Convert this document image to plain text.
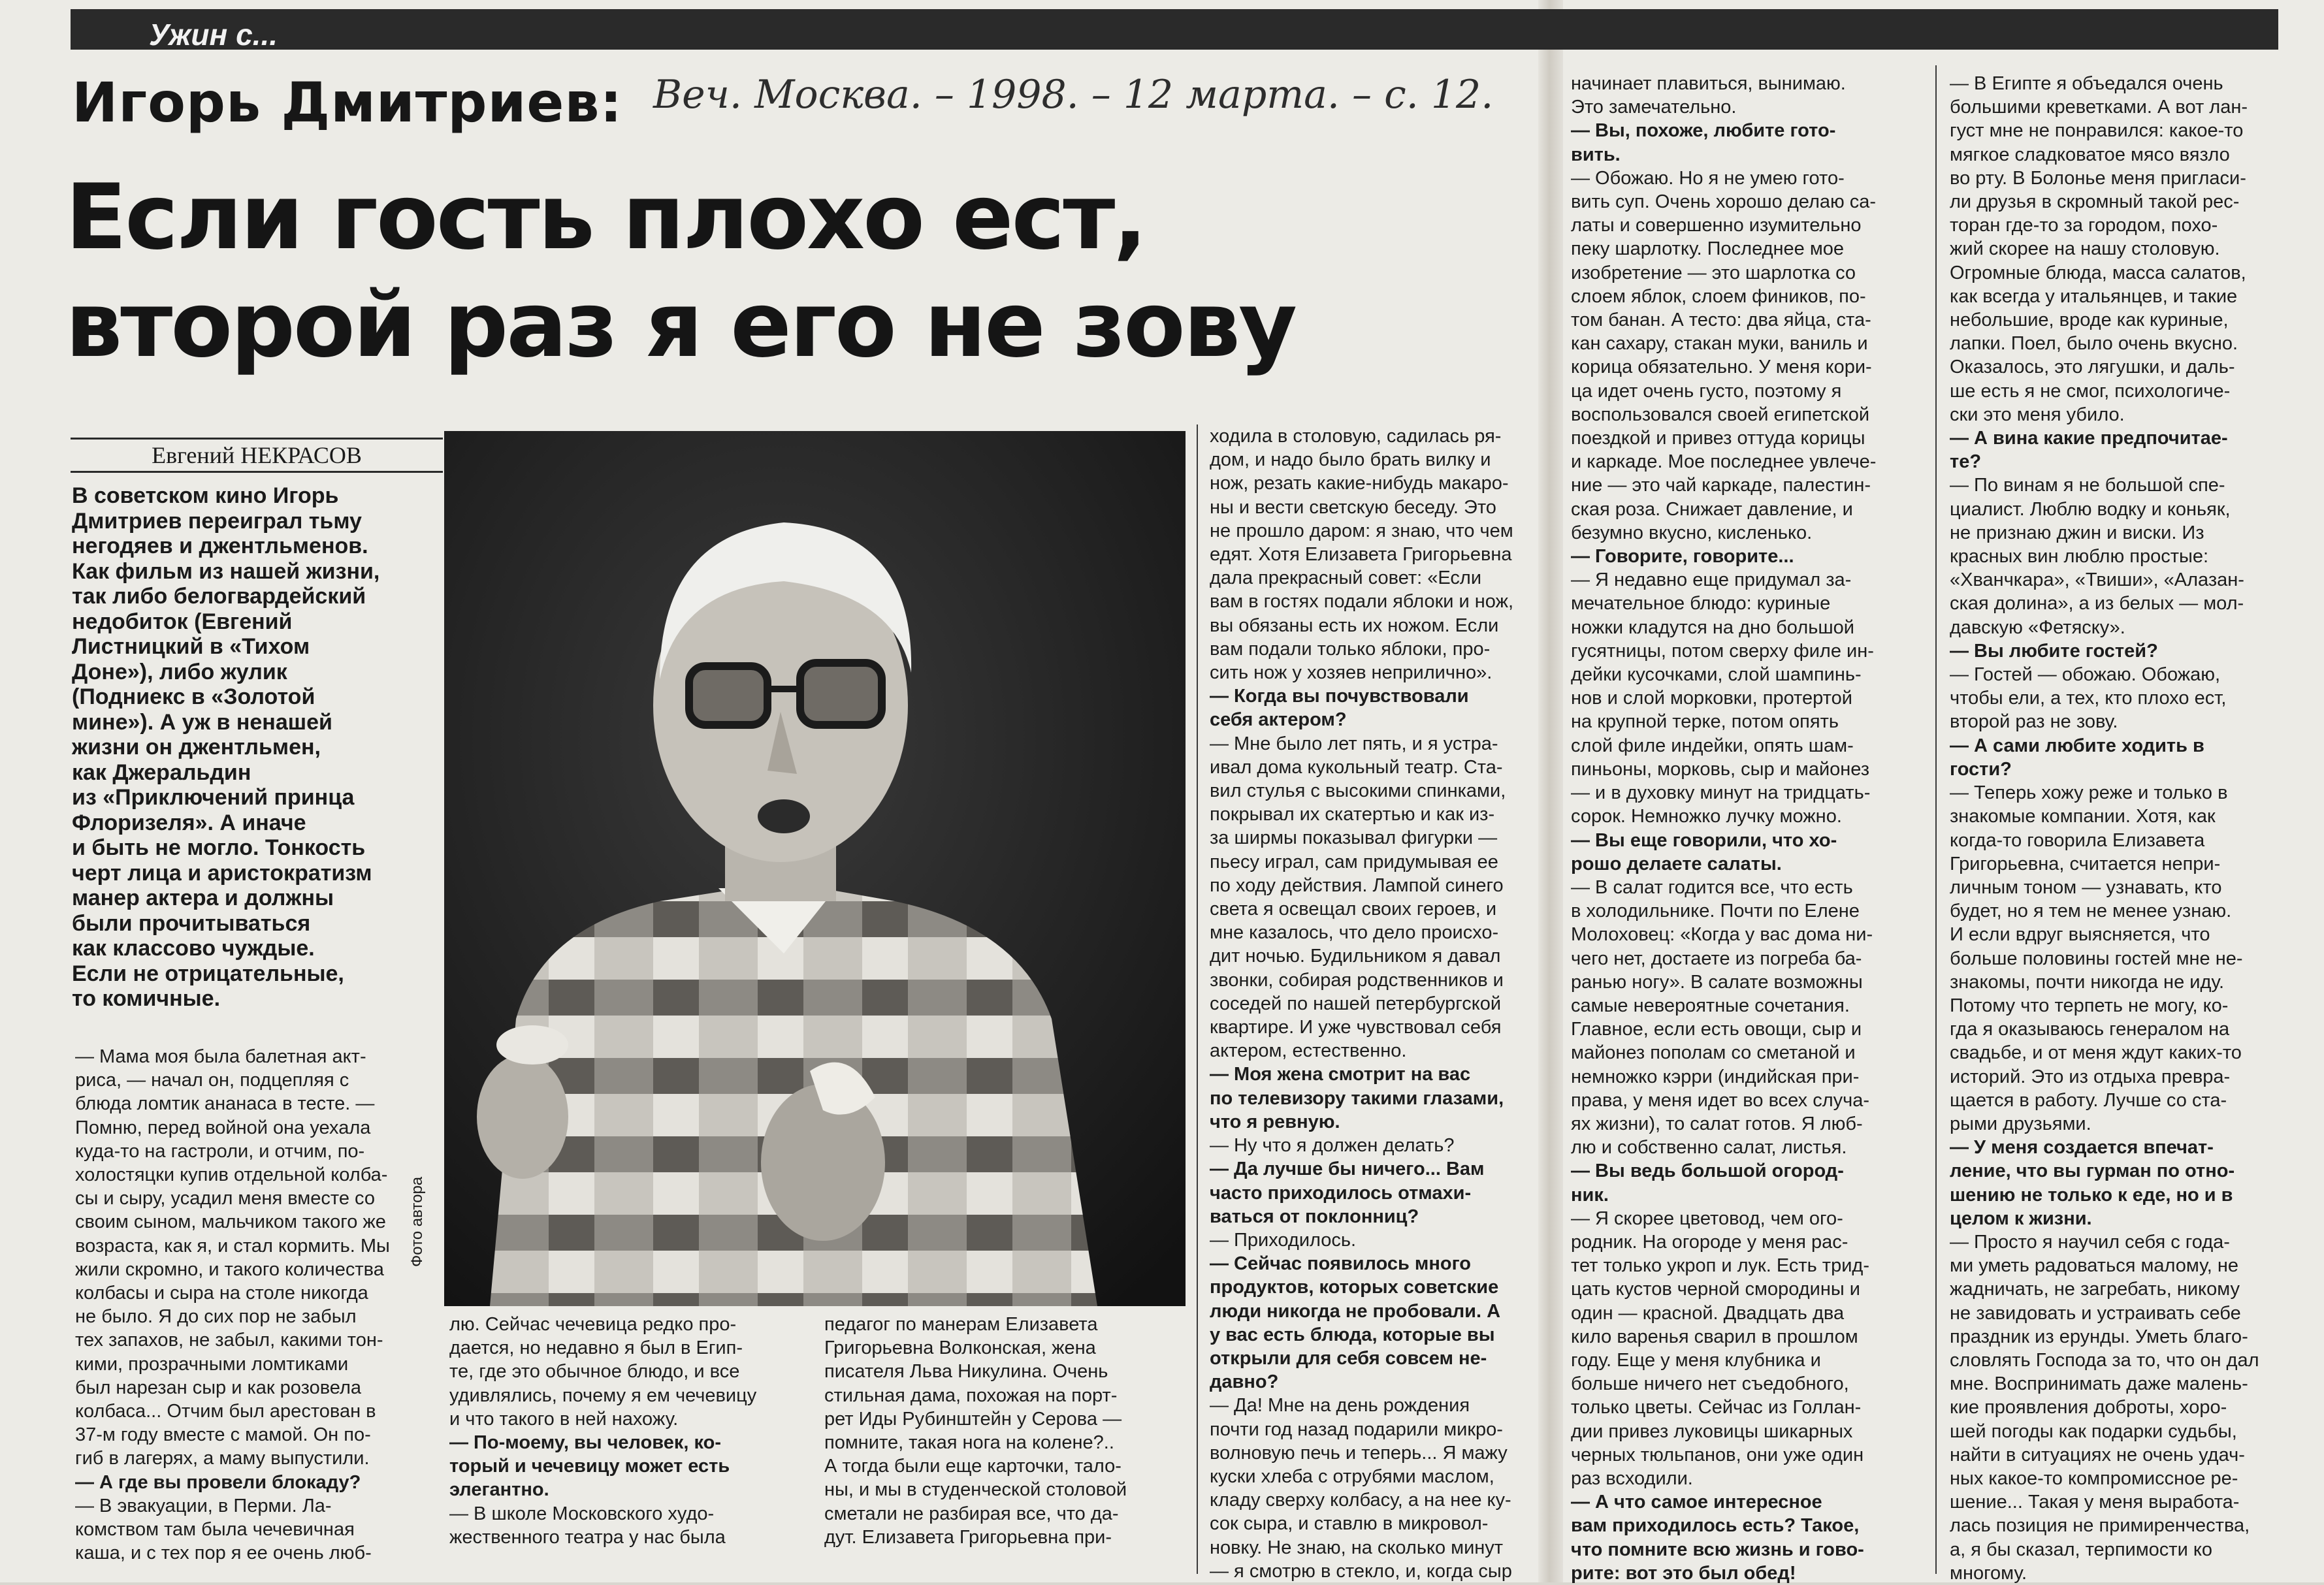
Ужин с...
Игорь Дмитриев: Веч. Москва. – 1998. – 12 марта. – с. 12.
Если гость плохо ест,
второй раз я его не зову
Евгений НЕКРАСОВ
В советском кино Игорь
Дмитриев переиграл тьму
негодяев и джентльменов.
Как фильм из нашей жизни,
так либо белогвардейский
недобиток (Евгений
Листницкий в «Тихом
Доне»), либо жулик
(Подниекс в «Золотой
мине»). А уж в ненашей
жизни он джентльмен,
как Джеральдин
из «Приключений принца
Флоризеля». А иначе
и быть не могло. Тонкость
черт лица и аристократизм
манер актера и должны
были прочитываться
как классово чуждые.
Если не отрицательные,
то комичные.
Фото автора
— Мама моя была балетная акт-
риса, — начал он, подцепляя с
блюда ломтик ананаса в тесте. —
Помню, перед войной она уехала
куда-то на гастроли, и отчим, по-
холостяцки купив отдельной колба-
сы и сыру, усадил меня вместе со
своим сыном, мальчиком такого же
возраста, как я, и стал кормить. Мы
жили скромно, и такого количества
колбасы и сыра на столе никогда
не было. Я до сих пор не забыл
тех запахов, не забыл, какими тон-
кими, прозрачными ломтиками
был нарезан сыр и как розовела
колбаса... Отчим был арестован в
37-м году вместе с мамой. Он по-
гиб в лагерях, а маму выпустили.
— А где вы провели блокаду?
— В эвакуации, в Перми. Ла-
комством там была чечевичная
каша, и с тех пор я ее очень люб-
лю. Сейчас чечевица редко про-
дается, но недавно я был в Егип-
те, где это обычное блюдо, и все
удивлялись, почему я ем чечевицу
и что такого в ней нахожу.
— По-моему, вы человек, ко-
торый и чечевицу может есть
элегантно.
— В школе Московского худо-
жественного театра у нас была
педагог по манерам Елизавета
Григорьевна Волконская, жена
писателя Льва Никулина. Очень
стильная дама, похожая на порт-
рет Иды Рубинштейн у Серова —
помните, такая нога на колене?..
А тогда были еще карточки, тало-
ны, и мы в студенческой столовой
сметали не разбирая все, что да-
дут. Елизавета Григорьевна при-
ходила в столовую, садилась ря-
дом, и надо было брать вилку и
нож, резать какие-нибудь макаро-
ны и вести светскую беседу. Это
не прошло даром: я знаю, что чем
едят. Хотя Елизавета Григорьевна
дала прекрасный совет: «Если
вам в гостях подали яблоки и нож,
вы обязаны есть их ножом. Если
вам подали только яблоки, про-
сить нож у хозяев неприлично».
— Когда вы почувствовали
себя актером?
— Мне было лет пять, и я устра-
ивал дома кукольный театр. Ста-
вил стулья с высокими спинками,
покрывал их скатертью и как из-
за ширмы показывал фигурки —
пьесу играл, сам придумывая ее
по ходу действия. Лампой синего
света я освещал своих героев, и
мне казалось, что дело происхо-
дит ночью. Будильником я давал
звонки, собирая родственников и
соседей по нашей петербургской
квартире. И уже чувствовал себя
актером, естественно.
— Моя жена смотрит на вас
по телевизору такими глазами,
что я ревную.
— Ну что я должен делать?
— Да лучше бы ничего... Вам
часто приходилось отмахи-
ваться от поклонниц?
— Приходилось.
— Сейчас появилось много
продуктов, которых советские
люди никогда не пробовали. А
у вас есть блюда, которые вы
открыли для себя совсем не-
давно?
— Да! Мне на день рождения
почти год назад подарили микро-
волновую печь и теперь... Я мажу
куски хлеба с отрубями маслом,
кладу сверху колбасу, а на нее ку-
сок сыра, и ставлю в микровол-
новку. Не знаю, на сколько минут
— я смотрю в стекло, и, когда сыр
начинает плавиться, вынимаю.
Это замечательно.
— Вы, похоже, любите гото-
вить.
— Обожаю. Но я не умею гото-
вить суп. Очень хорошо делаю са-
латы и совершенно изумительно
пеку шарлотку. Последнее мое
изобретение — это шарлотка со
слоем яблок, слоем фиников, по-
том банан. А тесто: два яйца, ста-
кан сахару, стакан муки, ваниль и
корица обязательно. У меня кори-
ца идет очень густо, поэтому я
воспользовался своей египетской
поездкой и привез оттуда корицы
и каркаде. Мое последнее увлече-
ние — это чай каркаде, палестин-
ская роза. Снижает давление, и
безумно вкусно, кисленько.
— Говорите, говорите...
— Я недавно еще придумал за-
мечательное блюдо: куриные
ножки кладутся на дно большой
гусятницы, потом сверху филе ин-
дейки кусочками, слой шампинь-
нов и слой морковки, протертой
на крупной терке, потом опять
слой филе индейки, опять шам-
пиньоны, морковь, сыр и майонез
— и в духовку минут на тридцать-
сорок. Немножко лучку можно.
— Вы еще говорили, что хо-
рошо делаете салаты.
— В салат годится все, что есть
в холодильнике. Почти по Елене
Молоховец: «Когда у вас дома ни-
чего нет, достаете из погреба ба-
ранью ногу». В салате возможны
самые невероятные сочетания.
Главное, если есть овощи, сыр и
майонез пополам со сметаной и
немножко кэрри (индийская при-
права, у меня идет во всех случа-
ях жизни), то салат готов. Я люб-
лю и собственно салат, листья.
— Вы ведь большой огород-
ник.
— Я скорее цветовод, чем ого-
родник. На огороде у меня рас-
тет только укроп и лук. Есть трид-
цать кустов черной смородины и
один — красной. Двадцать два
кило варенья сварил в прошлом
году. Еще у меня клубника и
больше ничего нет съедобного,
только цветы. Сейчас из Голлан-
дии привез луковицы шикарных
черных тюльпанов, они уже один
раз всходили.
— А что самое интересное
вам приходилось есть? Такое,
что помните всю жизнь и гово-
рите: вот это был обед!
— В Египте я объедался очень
большими креветками. А вот лан-
густ мне не понравился: какое-то
мягкое сладковатое мясо вязло
во рту. В Болонье меня пригласи-
ли друзья в скромный такой рес-
торан где-то за городом, похо-
жий скорее на нашу столовую.
Огромные блюда, масса салатов,
как всегда у итальянцев, и такие
небольшие, вроде как куриные,
лапки. Поел, было очень вкусно.
Оказалось, это лягушки, и даль-
ше есть я не смог, психологиче-
ски это меня убило.
— А вина какие предпочитае-
те?
— По винам я не большой спе-
циалист. Люблю водку и коньяк,
не признаю джин и виски. Из
красных вин люблю простые:
«Хванчкара», «Твиши», «Алазан-
ская долина», а из белых — мол-
давскую «Фетяску».
— Вы любите гостей?
— Гостей — обожаю. Обожаю,
чтобы ели, а тех, кто плохо ест,
второй раз не зову.
— А сами любите ходить в
гости?
— Теперь хожу реже и только в
знакомые компании. Хотя, как
когда-то говорила Елизавета
Григорьевна, считается непри-
личным тоном — узнавать, кто
будет, но я тем не менее узнаю.
И если вдруг выясняется, что
больше половины гостей мне не-
знакомы, почти никогда не иду.
Потому что терпеть не могу, ко-
гда я оказываюсь генералом на
свадьбе, и от меня ждут каких-то
историй. Это из отдыха превра-
щается в работу. Лучше со ста-
рыми друзьями.
— У меня создается впечат-
ление, что вы гурман по отно-
шению не только к еде, но и в
целом к жизни.
— Просто я научил себя с года-
ми уметь радоваться малому, не
жадничать, не загребать, никому
не завидовать и устраивать себе
праздник из ерунды. Уметь благо-
словлять Господа за то, что он дал
мне. Воспринимать даже малень-
кие проявления доброты, хоро-
шей погоды как подарки судьбы,
найти в ситуациях не очень удач-
ных какое-то компромиссное ре-
шение... Такая у меня выработа-
лась позиция не примиренчества,
а, я бы сказал, терпимости ко
многому.
